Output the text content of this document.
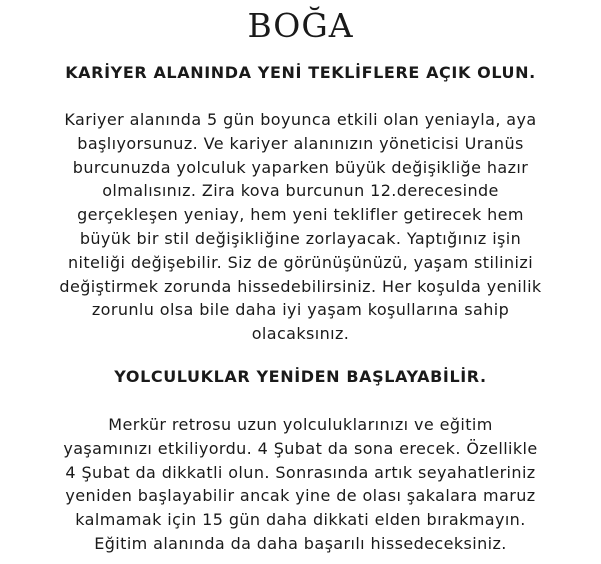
BOĞA
KARİYER ALANINDA YENİ TEKLİFLERE AÇIK OLUN.

Kariyer alanında 5 gün boyunca etkili olan yeniayla, aya
başlıyorsunuz. Ve kariyer alanınızın yöneticisi Uranüs
burcunuzda yolculuk yaparken büyük değişikliğe hazır
olmalısınız. Zira kova burcunun 12.derecesinde
gerçekleşen yeniay, hem yeni teklifler getirecek hem
büyük bir stil değişikliğine zorlayacak. Yaptığınız işin
niteliği değişebilir. Siz de görünüşünüzü, yaşam stilinizi
değiştirmek zorunda hissedebilirsiniz. Her koşulda yenilik
zorunlu olsa bile daha iyi yaşam koşullarına sahip
olacaksınız.

YOLCULUKLAR YENİDEN BAŞLAYABİLİR.

Merkür retrosu uzun yolculuklarınızı ve eğitim
yaşamınızı etkiliyordu. 4 Şubat da sona erecek. Özellikle
4 Şubat da dikkatli olun. Sonrasında artık seyahatleriniz
yeniden başlayabilir ancak yine de olası şakalara maruz
kalmamak için 15 gün daha dikkati elden bırakmayın.
Eğitim alanında da daha başarılı hissedeceksiniz.
